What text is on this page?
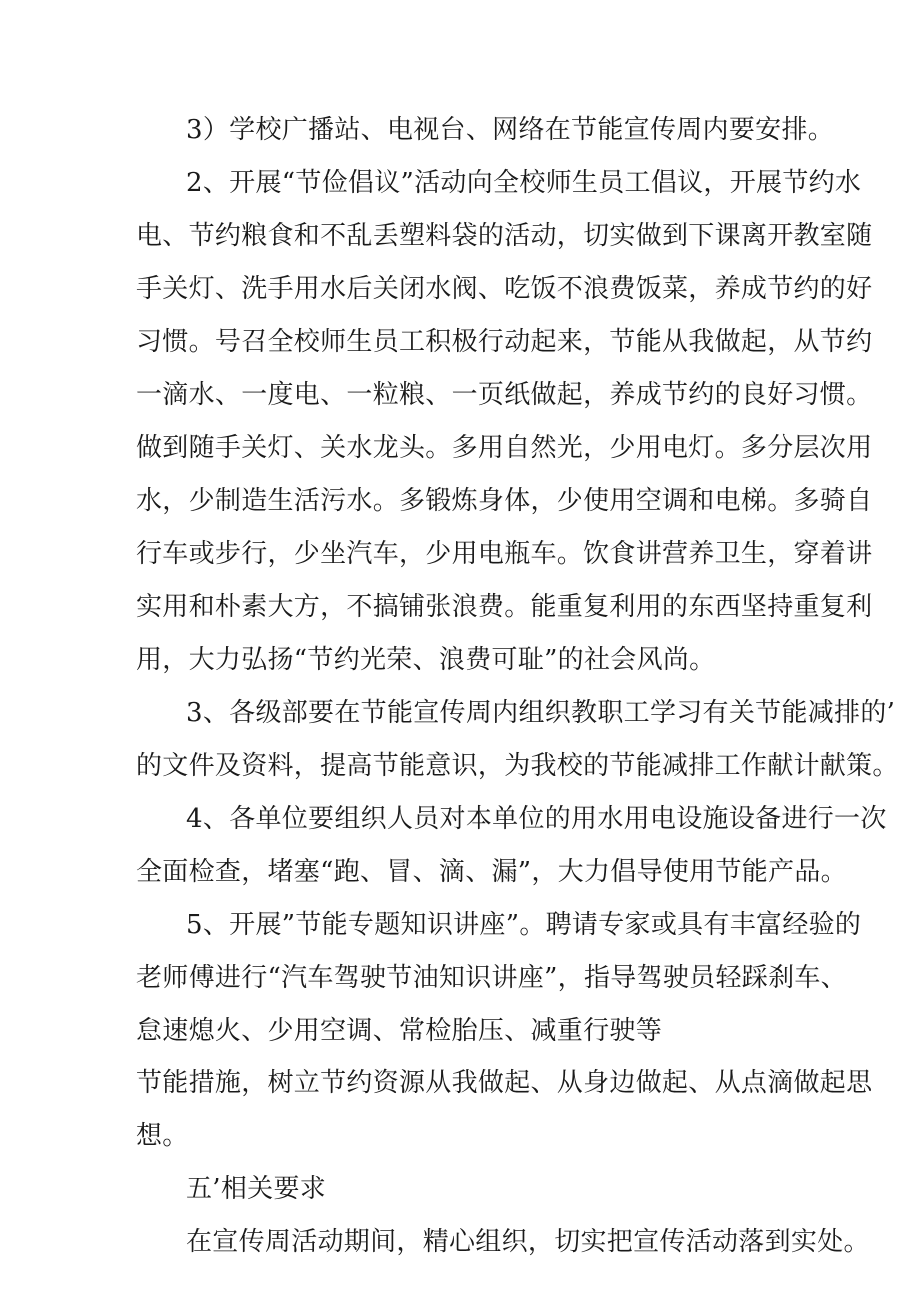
3）学校广播站、电视台、网络在节能宣传周内要安排。
2、开展“节俭倡议”活动向全校师生员工倡议，开展节约水
电、节约粮食和不乱丢塑料袋的活动，切实做到下课离开教室随
手关灯、洗手用水后关闭水阀、吃饭不浪费饭菜，养成节约的好
习惯。号召全校师生员工积极行动起来，节能从我做起，从节约
一滴水、一度电、一粒粮、一页纸做起，养成节约的良好习惯。
做到随手关灯、关水龙头。多用自然光，少用电灯。多分层次用
水，少制造生活污水。多锻炼身体，少使用空调和电梯。多骑自
行车或步行，少坐汽车，少用电瓶车。饮食讲营养卫生，穿着讲
实用和朴素大方，不搞铺张浪费。能重复利用的东西坚持重复利
用，大力弘扬“节约光荣、浪费可耻”的社会风尚。
3、各级部要在节能宣传周内组织教职工学习有关节能减排的’
的文件及资料，提高节能意识，为我校的节能减排工作献计献策。
4、各单位要组织人员对本单位的用水用电设施设备进行一次
全面检查，堵塞“跑、冒、滴、漏”，大力倡导使用节能产品。
5、开展”节能专题知识讲座”。聘请专家或具有丰富经验的
老师傅进行“汽车驾驶节油知识讲座”，指导驾驶员轻踩刹车、
怠速熄火、少用空调、常检胎压、减重行驶等
节能措施，树立节约资源从我做起、从身边做起、从点滴做起思
想。
五’相关要求
在宣传周活动期间，精心组织，切实把宣传活动落到实处。
